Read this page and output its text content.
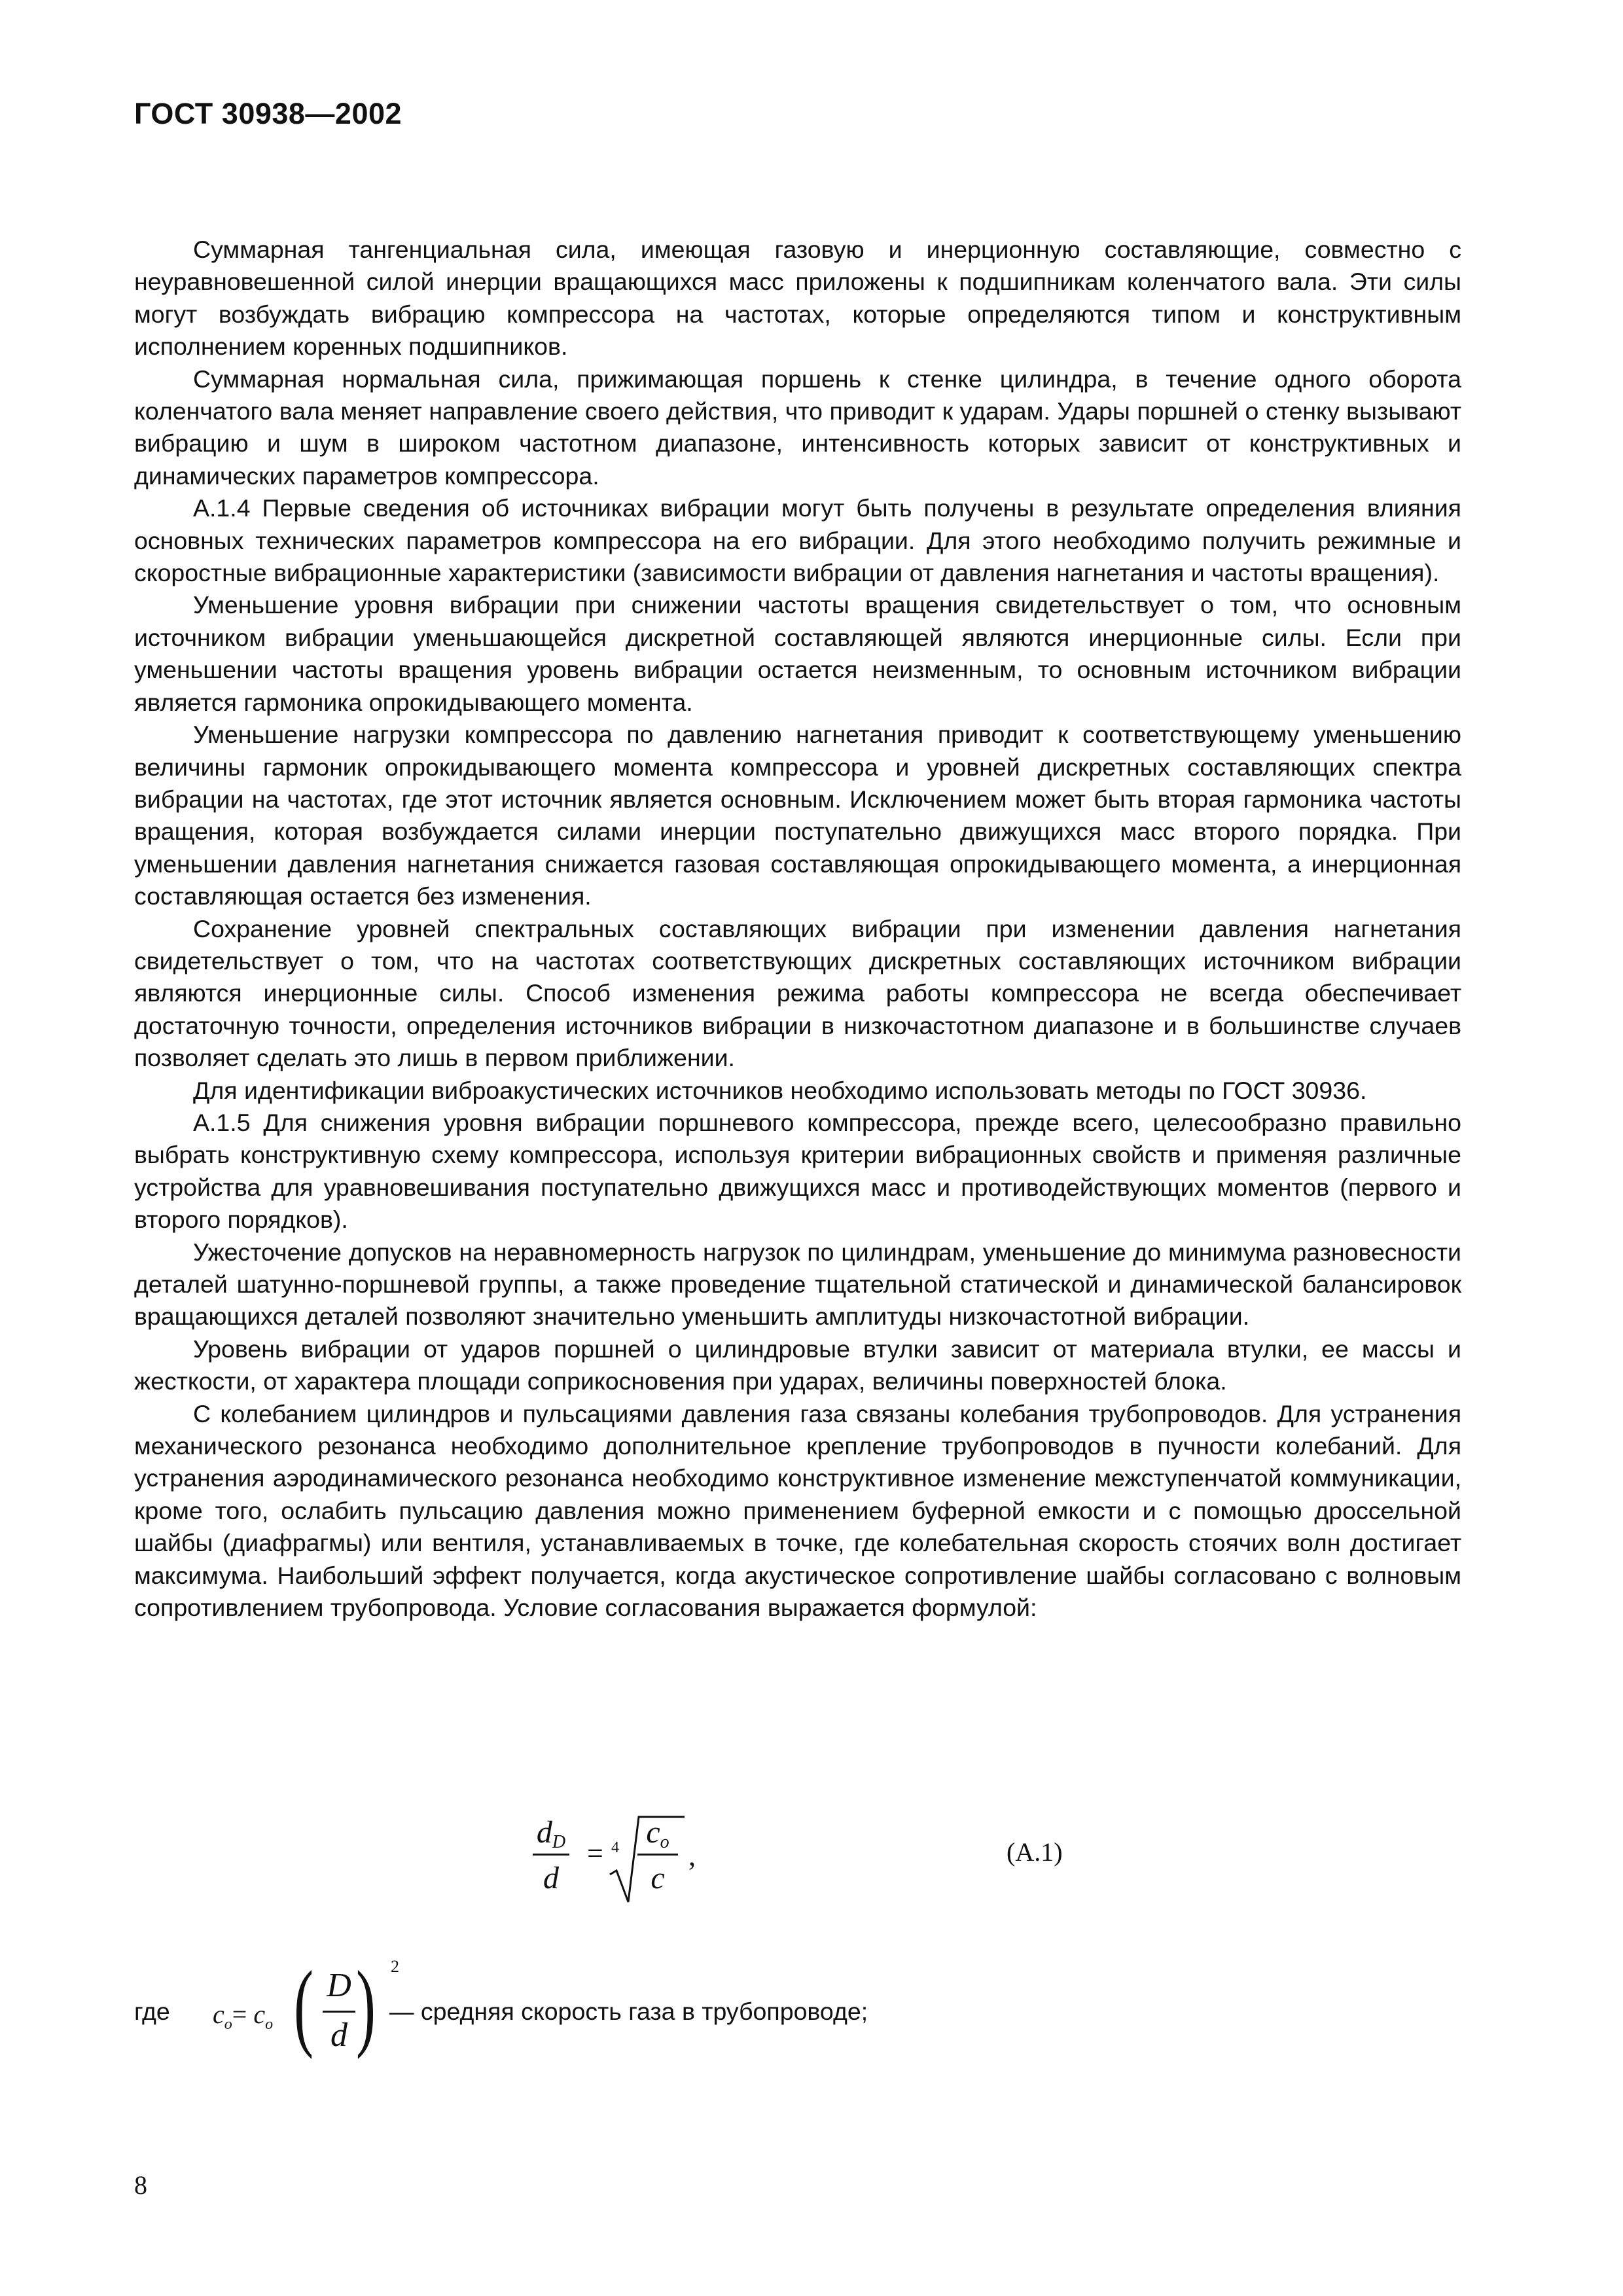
ГОСТ 30938—2002

Суммарная тангенциальная сила, имеющая газовую и инерционную составляющие, совместно с неуравновешенной силой инерции вращающихся масс приложены к подшипникам коленчатого вала. Эти силы могут возбуждать вибрацию компрессора на частотах, которые определяются типом и конструктивным исполнением коренных подшипников.

Суммарная нормальная сила, прижимающая поршень к стенке цилиндра, в течение одного оборота коленчатого вала меняет направление своего действия, что приводит к ударам. Удары поршней о стенку вызывают вибрацию и шум в широком частотном диапазоне, интенсивность которых зависит от конструктивных и динамических параметров компрессора.

А.1.4 Первые сведения об источниках вибрации могут быть получены в результате определения влияния основных технических параметров компрессора на его вибрации. Для этого необходимо получить режимные и скоростные вибрационные характеристики (зависимости вибрации от давления нагнетания и частоты вращения).

Уменьшение уровня вибрации при снижении частоты вращения свидетельствует о том, что основным источником вибрации уменьшающейся дискретной составляющей являются инерционные силы. Если при уменьшении частоты вращения уровень вибрации остается неизменным, то основным источником вибрации является гармоника опрокидывающего момента.

Уменьшение нагрузки компрессора по давлению нагнетания приводит к соответствующему уменьшению величины гармоник опрокидывающего момента компрессора и уровней дискретных составляющих спектра вибрации на частотах, где этот источник является основным. Исключением может быть вторая гармоника частоты вращения, которая возбуждается силами инерции поступательно движущихся масс второго порядка. При уменьшении давления нагнетания снижается газовая составляющая опрокидывающего момента, а инерционная составляющая остается без изменения.

Сохранение уровней спектральных составляющих вибрации при изменении давления нагнетания свидетельствует о том, что на частотах соответствующих дискретных составляющих источником вибрации являются инерционные силы. Способ изменения режима работы компрессора не всегда обеспечивает достаточную точности, определения источников вибрации в низкочастотном диапазоне и в большинстве случаев позволяет сделать это лишь в первом приближении.

Для идентификации виброакустических источников необходимо использовать методы по ГОСТ 30936.

А.1.5 Для снижения уровня вибрации поршневого компрессора, прежде всего, целесообразно правильно выбрать конструктивную схему компрессора, используя критерии вибрационных свойств и применяя различные устройства для уравновешивания поступательно движущихся масс и противодействующих моментов (первого и второго порядков).

Ужесточение допусков на неравномерность нагрузок по цилиндрам, уменьшение до минимума разновесности деталей шатунно-поршневой группы, а также проведение тщательной статической и динамической балансировок вращающихся деталей позволяют значительно уменьшить амплитуды низкочастотной вибрации.

Уровень вибрации от ударов поршней о цилиндровые втулки зависит от материала втулки, ее массы и жесткости, от характера площади соприкосновения при ударах, величины поверхностей блока.

С колебанием цилиндров и пульсациями давления газа связаны колебания трубопроводов. Для устранения механического резонанса необходимо дополнительное крепление трубопроводов в пучности колебаний. Для устранения аэродинамического резонанса необходимо конструктивное изменение межступенчатой коммуникации, кроме того, ослабить пульсацию давления можно применением буферной емкости и с помощью дроссельной шайбы (диафрагмы) или вентиля, устанавливаемых в точке, где колебательная скорость стоячих волн достигает максимума. Наибольший эффект получается, когда акустическое сопротивление шайбы согласовано с волновым сопротивлением трубопровода. Условие согласования выражается формулой:

$d_D$
d
= 4 $c_o$
c
,	(А.1)
где $c_o= c_o$ ( D
d ) 2
— средняя скорость газа в трубопроводе;
8
